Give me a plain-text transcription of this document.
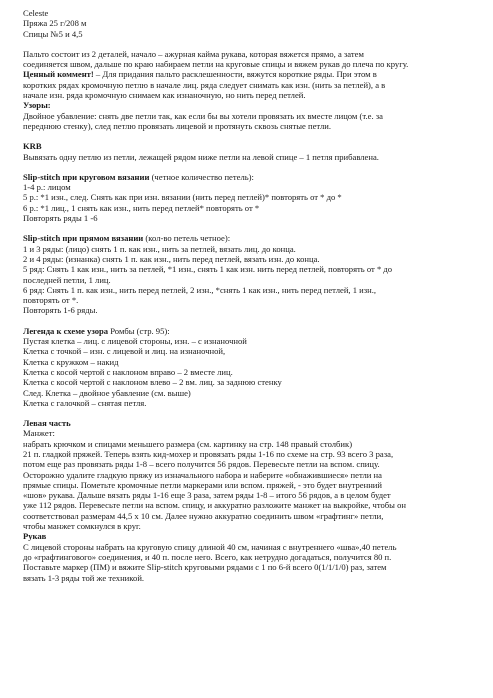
Celeste
Пряжа 25 г/208 м
Спицы №5 и 4,5
Пальто состоит из 2 деталей, начало – ажурная кайма рукава, которая вяжется прямо, а затем
соединяется швом, дальше по краю набираем петли на круговые спицы и вяжем рукав до плеча по кругу.
Ценный коммент! – Для придания пальто расклешенности, вяжутся короткие ряды. При этом в
коротких рядах кромочную петлю в начале лиц. ряда следует снимать как изн. (нить за петлей), а в
начале изн. ряда кромочную снимаем как изнаночную, но нить перед петлей.
Узоры:
Двойное убавление: снять две петли так, как если бы вы хотели провязать их вместе лицом (т.е. за
переднюю стенку), след петлю провязать лицевой и протянуть сквозь снятые петли.
KRB
Вывязать одну петлю из петли, лежащей рядом ниже петли на левой спице – 1 петля прибавлена.
Slip-stitch при круговом вязании (четное количество петель):
1-4 р.: лицом
5 р.: *1 изн., след. Снять как при изн. вязании (нить перед петлей)* повторять от * до *
6 р.: *1 лиц., 1 снять как изн., нить перед петлей* повторять от *
Повторять ряды 1 -6
Slip-stitch при прямом вязании (кол-во петель четное):
1 и 3 ряды: (лицо) снять 1 п. как изн., нить за петлей, вязать лиц. до конца.
2 и 4 ряды: (изнанка) снять 1 п. как изн., нить перед петлей, вязать изн. до конца.
5 ряд: Снять 1 как изн., нить за петлей, *1 изн., снять 1 как изн. нить перед петлей, повторять от * до
последней петли, 1 лиц.
6 ряд: Снять 1 п. как изн., нить перед петлей, 2 изн., *снять 1 как изн., нить перед петлей, 1 изн.,
повторять от *.
Повторять 1-6 ряды.
Легенда к схеме узора Ромбы (стр. 95):
Пустая клетка – лиц. с лицевой стороны, изн. – с изнаночной
Клетка с точкой – изн. с лицевой и лиц. на изнаночной,
Клетка с кружком – накид
Клетка с косой чертой с наклоном вправо – 2 вместе лиц.
Клетка с косой чертой с наклоном влево – 2 вм. лиц. за заднюю стенку
След. Клетка – двойное убавление (см. выше)
Клетка с галочкой – снятая петля.
Левая часть
Манжет:
набрать крючком и спицами меньшего размера (см. картинку на стр. 148 правый столбик)
21 п. гладкой пряжей. Теперь взять кид-мохер и провязать ряды 1-16 по схеме на стр. 93 всего 3 раза,
потом еще раз провязать ряды 1-8 – всего получится 56 рядов. Перевесьте петли на вспом. спицу.
Осторожно удалите гладкую пряжу из изначального набора и наберите «обнажившиеся» петли на
прямые спицы. Пометьте кромочные петли маркерами или вспом. пряжей, - это будет внутренний
«шов» рукава. Дальше вязать ряды 1-16 еще 3 раза, затем ряды 1-8 – итого 56 рядов, а в целом будет
уже 112 рядов. Перевесьте петли на вспом. спицу, и аккуратно разложите манжет на выкройке, чтобы он
соответствовал размерам 44,5 x 10 см. Далее нужно аккуратно соединить швом «графтинг» петли,
чтобы манжет сомкнулся в круг.
Рукав
С лицевой стороны набрать на круговую спицу длиной 40 см, начиная с внутреннего «шва»,40 петель
до «графтингового» соединения, и 40 п. после него. Всего, как нетрудно догадаться, получится 80 п.
Поставьте маркер (ПМ) и вяжите Slip-stitch круговыми рядами с 1 по 6-й всего 0(1/1/1/0) раз, затем
вязать 1-3 ряды той же техникой.
